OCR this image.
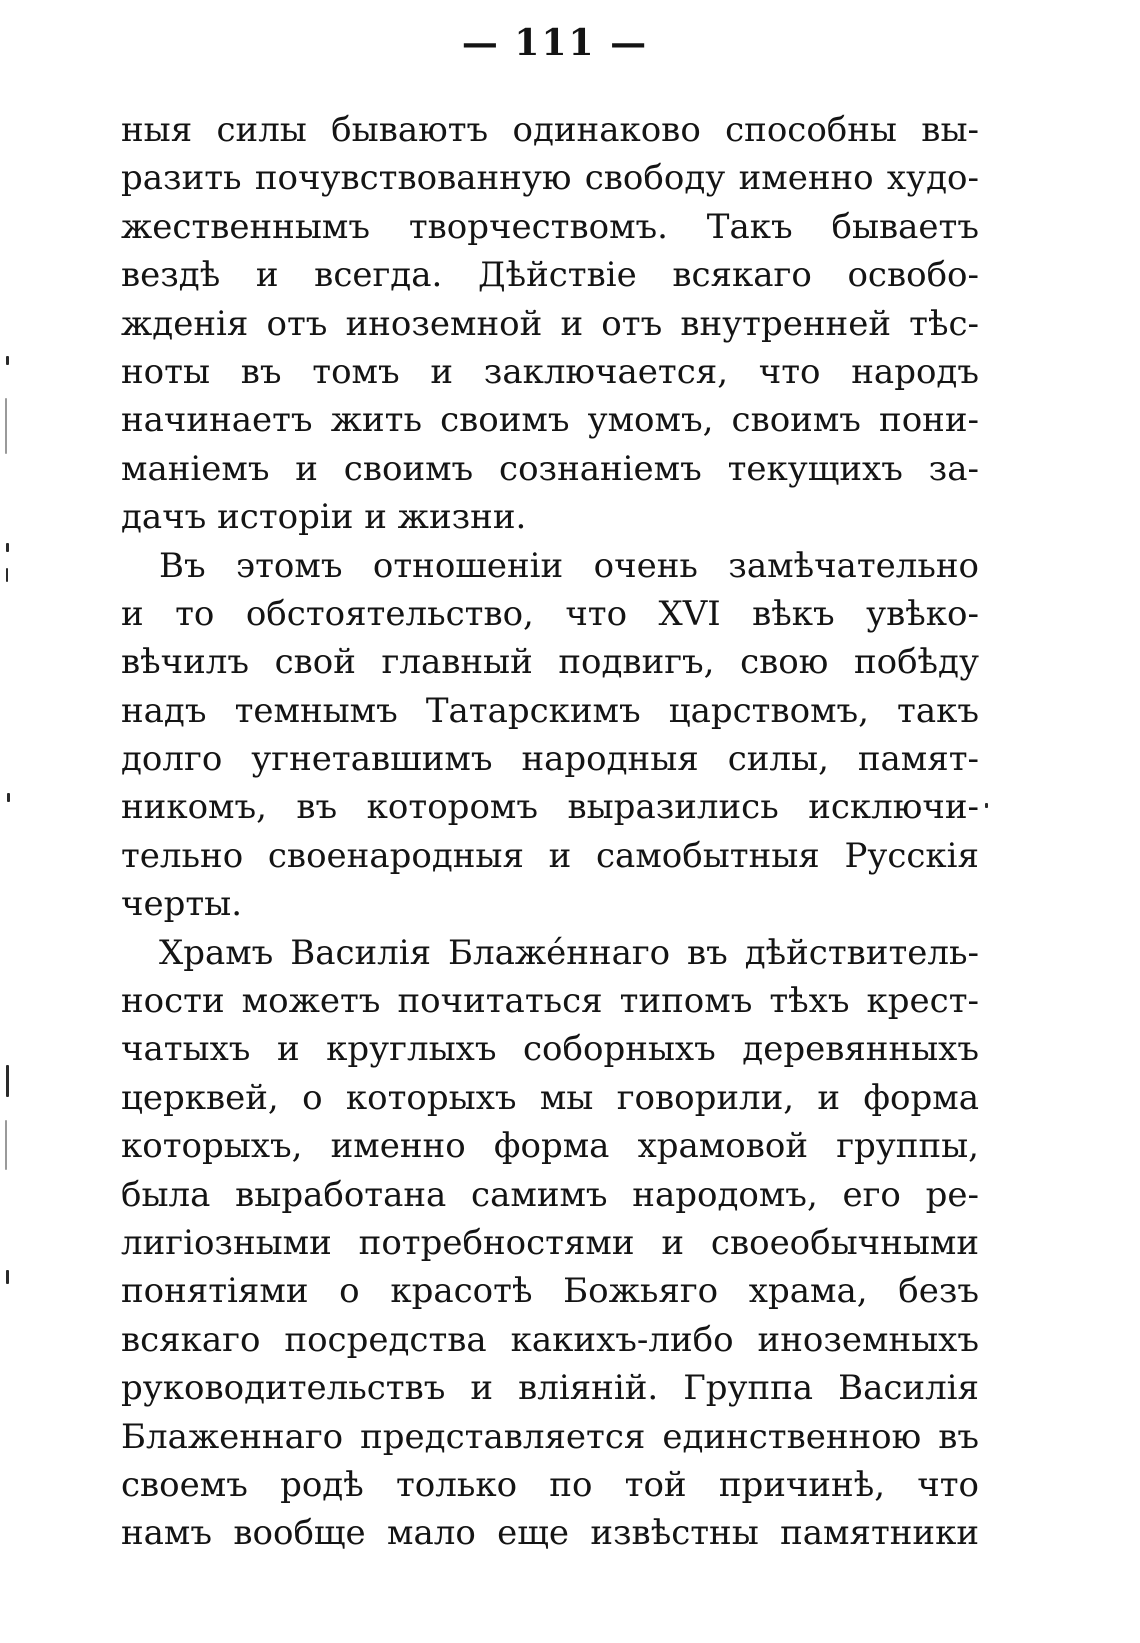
— 111 —
ныя силы бываютъ одинаково способны вы-
разить почувствованную свободу именно худо-
жественнымъ творчествомъ. Такъ бываетъ
вездѣ и всегда. Дѣйствіе всякаго освобо-
жденія отъ иноземной и отъ внутренней тѣс-
ноты въ томъ и заключается, что народъ
начинаетъ жить своимъ умомъ, своимъ пони-
маніемъ и своимъ сознаніемъ текущихъ за-
дачъ исторіи и жизни.
Въ этомъ отношеніи очень замѣчательно
и то обстоятельство, что XVI вѣкъ увѣко-
вѣчилъ свой главный подвигъ, свою побѣду
надъ темнымъ Татарскимъ царствомъ, такъ
долго угнетавшимъ народныя силы, памят-
никомъ, въ которомъ выразились исключи-
тельно своенародныя и самобытныя Русскія
черты.
Храмъ Василія Блаже́ннаго въ дѣйствитель-
ности можетъ почитаться типомъ тѣхъ крест-
чатыхъ и круглыхъ соборныхъ деревянныхъ
церквей, о которыхъ мы говорили, и форма
которыхъ, именно форма храмовой группы,
была выработана самимъ народомъ, его ре-
лигіозными потребностями и своеобычными
понятіями о красотѣ Божьяго храма, безъ
всякаго посредства какихъ-либо иноземныхъ
руководительствъ и вліяній. Группа Василія
Блаженнаго представляется единственною въ
своемъ родѣ только по той причинѣ, что
намъ вообще мало еще извѣстны памятники
